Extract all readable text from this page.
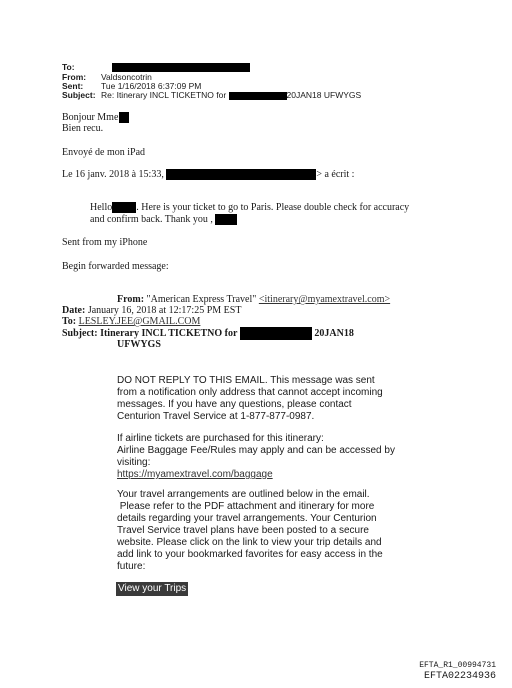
To:
From: Valdsoncotrin
Sent: Tue 1/16/2018 6:37:09 PM
Subject: Re: Itinerary INCL TICKETNO for	20JAN18 UFWYGS
Bonjour Mme
Bien recu.
Envoyé de mon iPad
Le 16 janv. 2018 à 15:33,	> a écrit :
Hello . Here is your ticket to go to Paris. Please double check for accuracy
and confirm back. Thank you ,
Sent from my iPhone
Begin forwarded message:
From: "American Express Travel" <itinerary@myamextravel.com>
Date: January 16, 2018 at 12:17:25 PM EST
To: LESLEY.JEE@GMAIL.COM
Subject: Itinerary INCL TICKETNO for	20JAN18
UFWYGS
DO NOT REPLY TO THIS EMAIL. This message was sent
from a notification only address that cannot accept incoming
messages. If you have any questions, please contact
Centurion Travel Service at 1-877-877-0987.
If airline tickets are purchased for this itinerary:
Airline Baggage Fee/Rules may apply and can be accessed by
visiting:
https://myamextravel.com/baggage
Your travel arrangements are outlined below in the email.
Please refer to the PDF attachment and itinerary for more
details regarding your travel arrangements. Your Centurion
Travel Service travel plans have been posted to a secure
website. Please click on the link to view your trip details and
add link to your bookmarked favorites for easy access in the
future:
View your Trips
EFTA_R1_00994731
EFTA02234936
